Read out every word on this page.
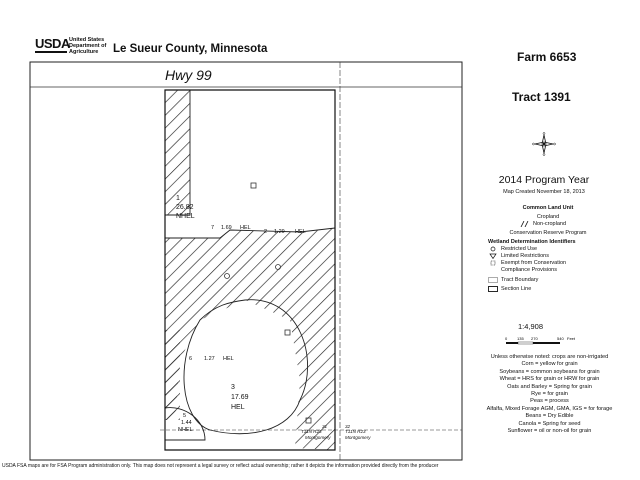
USDA United States Department of Agriculture	Le Sueur County, Minnesota
Hwy 99
1
26.82
NHEL
7 1.69 HEL
2 1.29 HEL
6 1.27 HEL
3
17.69
HEL
5
1.44
NHEL
31	32
T11N R23
Montgomery
T11N R23
Montgomery
Farm 6653
Tract 1391
2014 Program Year
Map Created November 18, 2013
Common Land Unit
Cropland
Non-cropland
Conservation Reserve Program
Wetland Determination Identifiers
Restricted Use
Limited Restrictions
Exempt from Conservation
Compliance Provisions
Tract Boundary
Section Line
1:4,908
0 135 270	540 Feet
Unless otherwise noted: crops are non-irrigated
Corn = yellow for grain
Soybeans = common soybeans for grain
Wheat = HRS for grain or HRW for grain
Oats and Barley = Spring for grain
Rye = for grain
Peas = process
Alfalfa, Mixed Forage AGM, GMA, IGS = for forage
Beans = Dry Edible
Canola = Spring for seed
Sunflower = oil or non-oil for grain
USDA FSA maps are for FSA Program administration only. This map does not represent a legal survey or reflect actual ownership; rather it depicts the information provided directly from the producer
